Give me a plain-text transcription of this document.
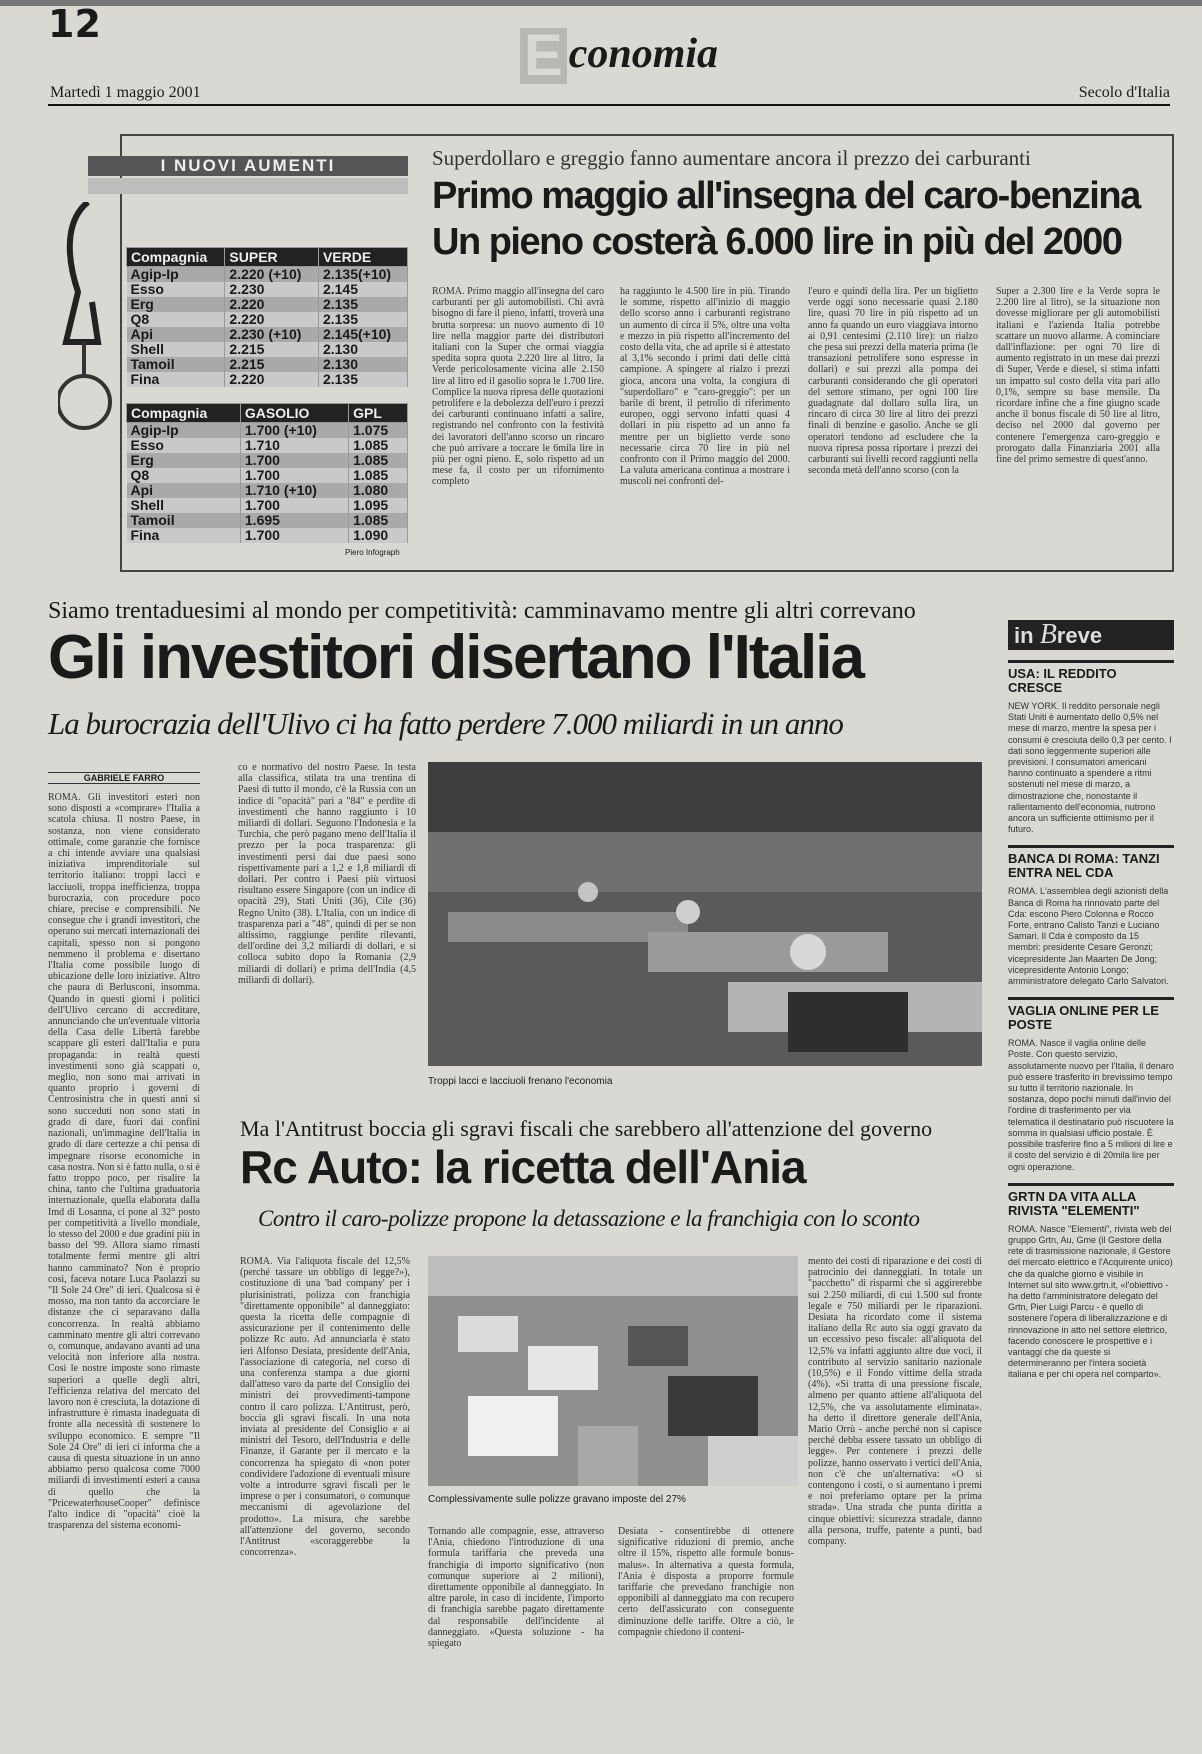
12	E conomia
Martedì 1 maggio 2001	Secolo d'Italia
I NUOVI AUMENTI
Compagnia	SUPER	VERDE
Agip-Ip	2.220 (+10)	2.135(+10)
Esso	2.230	2.145
Erg	2.220	2.135
Q8	2.220	2.135
Api	2.230 (+10)	2.145(+10)
Shell	2.215	2.130
Tamoil	2.215	2.130
Fina	2.220	2.135
Compagnia	GASOLIO	GPL
Agip-Ip	1.700 (+10)	1.075
Esso	1.710	1.085
Erg	1.700	1.085
Q8	1.700	1.085
Api	1.710 (+10)	1.080
Shell	1.700	1.095
Tamoil	1.695	1.085
Fina	1.700	1.090
Piero Infograph
Superdollaro e greggio fanno aumentare ancora il prezzo dei carburanti
Primo maggio all'insegna del caro-benzina
Un pieno costerà 6.000 lire in più del 2000
ROMA. Primo maggio all'insegna del caro carburanti per gli automobilisti. Chi avrà bisogno di fare il pieno, infatti, troverà una brutta sorpresa: un nuovo aumento di 10 lire nella maggior parte dei distributori italiani con la Super che ormai viaggia spedita sopra quota 2.220 lire al litro, la Verde pericolosamente vicina alle 2.150 lire al litro ed il gasolio sopra le 1.700 lire. Complice la nuova ripresa delle quotazioni petrolifere e la debolezza dell'euro i prezzi dei carburanti continuano infatti a salire, registrando nel confronto con la festività dei lavoratori dell'anno scorso un rincaro che può arrivare a toccare le 6mila lire in più per ogni pieno. E, solo rispetto ad un mese fa, il costo per un rifornimento completo
ha raggiunto le 4.500 lire in più. Tirando le somme, rispetto all'inizio di maggio dello scorso anno i carburanti registrano un aumento di circa il 5%, oltre una volta e mezzo in più rispetto all'incremento del costo della vita, che ad aprile si è attestato al 3,1% secondo i primi dati delle città campione. A spingere al rialzo i prezzi gioca, ancora una volta, la congiura di "superdollaro" e "caro-greggio": per un barile di brent, il petrolio di riferimento europeo, oggi servono infatti quasi 4 dollari in più rispetto ad un anno fa mentre per un biglietto verde sono necessarie circa 70 lire in più nel confronto con il Primo maggio del 2000. La valuta americana continua a mostrare i muscoli nei confronti del-
l'euro e quindi della lira. Per un biglietto verde oggi sono necessarie quasi 2.180 lire, quasi 70 lire in più rispetto ad un anno fa quando un euro viaggiava intorno ai 0,91 centesimi (2.110 lire): un rialzo che pesa sui prezzi della materia prima (le transazioni petrolifere sono espresse in dollari) e sui prezzi alla pompa dei carburanti considerando che gli operatori del settore stimano, per ogni 100 lire guadagnate dal dollaro sulla lira, un rincaro di circa 30 lire al litro dei prezzi finali di benzine e gasolio. Anche se gli operatori tendono ad escludere che la nuova ripresa possa riportare i prezzi dei carburanti sui livelli record raggiunti nella seconda metà dell'anno scorso (con la
Super a 2.300 lire e la Verde sopra le 2.200 lire al litro), se la situazione non dovesse migliorare per gli automobilisti italiani e l'azienda Italia potrebbe scattare un nuovo allarme. A cominciare dall'inflazione: per ogni 70 lire di aumento registrato in un mese dai prezzi di Super, Verde e diesel, si stima infatti un impatto sul costo della vita pari allo 0,1%, sempre su base mensile. Da ricordare infine che a fine giugno scade anche il bonus fiscale di 50 lire al litro, deciso nel 2000 dal governo per contenere l'emergenza caro-greggio e prorogato dalla Finanziaria 2001 alla fine del primo semestre di quest'anno.
Siamo trentaduesimi al mondo per competitività: camminavamo mentre gli altri correvano
Gli investitori disertano l'Italia
La burocrazia dell'Ulivo ci ha fatto perdere 7.000 miliardi in un anno
GABRIELE FARRO
ROMA. Gli investitori esteri non sono disposti a «comprare» l'Italia a scatola chiusa. Il nostro Paese, in sostanza, non viene considerato ottimale, come garanzie che fornisce a chi intende avviare una qualsiasi iniziativa imprenditoriale sul territorio italiano: troppi lacci e lacciuoli, troppa inefficienza, troppa burocrazia, con procedure poco chiare, precise e comprensibili. Ne consegue che i grandi investitori, che operano sui mercati internazionali dei capitali, spesso non si pongono nemmeno il problema e disertano l'Italia come possibile luogo di ubicazione delle loro iniziative. Altro che paura di Berlusconi, insomma. Quando in questi giorni i politici dell'Ulivo cercano di accreditare, annunciando che un'eventuale vittoria della Casa delle Libertà farebbe scappare gli esteri dall'Italia e pura propaganda: in realtà questi investimenti sono già scappati o, meglio, non sono mai arrivati in quanto proprio i governi di Centrosinistra che in questi anni si sono succeduti non sono stati in grado di dare, fuori dai confini nazionali, un'immagine dell'Italia in grado di dare certezze a chi pensa di impegnare risorse economiche in casa nostra. Non si è fatto nulla, o si è fatto troppo poco, per risalire la china, tanto che l'ultima graduatoria internazionale, quella elaborata dalla Imd di Losanna, ci pone al 32° posto per competitività a livello mondiale, lo stesso del 2000 e due gradini più in basso del '99. Allora siamo rimasti totalmente fermi mentre gli altri hanno camminato? Non è proprio così, faceva notare Luca Paolazzi su "Il Sole 24 Ore" di ieri. Qualcosa si è mosso, ma non tanto da accorciare le distanze che ci separavano dalla concorrenza. In realtà abbiamo camminato mentre gli altri correvano o, comunque, andavano avanti ad una velocità non inferiore alla nostra. Così le nostre imposte sono rimaste superiori a quelle degli altri, l'efficienza relativa del mercato del lavoro non è cresciuta, la dotazione di infrastrutture è rimasta inadeguata di fronte alla necessità di sostenere lo sviluppo economico. E sempre "Il Sole 24 Ore" di ieri ci informa che a causa di questa situazione in un anno abbiamo perso qualcosa come 7000 miliardi di investimenti esteri a causa di quello che la "PricewaterhouseCooper" definisce l'alto indice di "opacità" cioè la trasparenza del sistema economi-
co e normativo del nostro Paese. In testa alla classifica, stilata tra una trentina di Paesi di tutto il mondo, c'è la Russia con un indice di "opacità" pari a "84" e perdite di investimenti che hanno raggiunto i 10 miliardi di dollari. Seguono l'Indonesia e la Turchia, che però pagano meno dell'Italia il prezzo per la poca trasparenza: gli investimenti persi dai due paesi sono rispettivamente pari a 1,2 e 1,8 miliardi di dollari. Per contro i Paesi più virtuosi risultano essere Singapore (con un indice di opacità 29), Stati Uniti (36), Cile (36) Regno Unito (38). L'Italia, con un indice di trasparenza pari a "48", quindi di per se non altissimo, raggiunge perdite rilevanti, dell'ordine dei 3,2 miliardi di dollari, e si colloca subito dopo la Romania (2,9 miliardi di dollari) e prima dell'India (4,5 miliardi di dollari).
Troppi lacci e lacciuoli frenano l'economia
Ma l'Antitrust boccia gli sgravi fiscali che sarebbero all'attenzione del governo
Rc Auto: la ricetta dell'Ania
Contro il caro-polizze propone la detassazione e la franchigia con lo sconto
ROMA. Via l'aliquota fiscale del 12,5% (perché tassare un obbligo di legge?»), costituzione di una 'bad company' per i plurisinistrati, polizza con franchigia "direttamente opponibile" al danneggiato: questa la ricetta delle compagnie di assicurazione per il contenimento delle polizze Rc auto. Ad annunciarla è stato ieri Alfonso Desiata, presidente dell'Ania, l'associazione di categoria, nel corso di una conferenza stampa a due giorni dall'atteso varo da parte del Consiglio dei ministri dei provvedimenti-tampone contro il caro polizza. L'Antitrust, però, boccia gli sgravi fiscali. In una nota inviata al presidente del Consiglio e ai ministri del Tesoro, dell'Industria e delle Finanze, il Garante per il mercato e la concorrenza ha spiegato di «non poter condividere l'adozione di eventuali misure volte a introdurre sgravi fiscali per le imprese o per i consumatori, o comunque meccanismi di agevolazione del prodotto». La misura, che sarebbe all'attenzione del governo, secondo l'Antitrust «scoraggerebbe la concorrenza».
Complessivamente sulle polizze gravano imposte del 27%
Tornando alle compagnie, esse, attraverso l'Ania, chiedono l'introduzione di una formula tariffaria che preveda una franchigia di importo significativo (non comunque superiore ai 2 milioni), direttamente opponibile al danneggiato. In altre parole, in caso di incidente, l'importo di franchigia sarebbe pagato direttamente dal responsabile dell'incidente al danneggiato. «Questa soluzione - ha spiegato
Desiata - consentirebbe di ottenere significative riduzioni di premio, anche oltre il 15%, rispetto alle formule bonus-malus». In alternativa a questa formula, l'Ania è disposta a proporre formule tariffarie che prevedano franchigie non opponibili al danneggiato ma con recupero certo dell'assicurato con conseguente diminuzione delle tariffe. Oltre a ciò, le compagnie chiedono il conteni-
mento dei costi di riparazione e dei costi di patrocinio dei danneggiati. In totale un "pacchetto" di risparmi che si aggirerebbe sui 2.250 miliardi, di cui 1.500 sul fronte legale e 750 miliardi per le riparazioni. Desiata ha ricordato come il sistema italiano della Rc auto sia oggi gravato da un eccessivo peso fiscale: all'aliquota del 12,5% va infatti aggiunto altre due voci, il contributo al servizio sanitario nazionale (10,5%) e il Fondo vittime della strada (4%). «Si tratta di una pressione fiscale, almeno per quanto attiene all'aliquota del 12,5%, che va assolutamente eliminata». ha detto il direttore generale dell'Ania, Mario Orrù - anche perché non si capisce perché debba essere tassato un obbligo di legge». Per contenere i prezzi delle polizze, hanno osservato i vertici dell'Ania, non c'è che un'alternativa: «O si contengono i costi, o si aumentano i premi e noi preferiamo optare per la prima strada». Una strada che punta diritta a cinque obiettivi: sicurezza stradale, danno alla persona, truffe, patente a punti, bad company.
in Breve
USA: IL REDDITO CRESCE
NEW YORK. Il reddito personale negli Stati Uniti è aumentato dello 0,5% nel mese di marzo, mentre la spesa per i consumi è cresciuta dello 0,3 per cento. I dati sono leggermente superiori alle previsioni. I consumatori americani hanno continuato a spendere a ritmi sostenuti nel mese di marzo, a dimostrazione che, nonostante il rallentamento dell'economia, nutrono ancora un sufficiente ottimismo per il futuro.
BANCA DI ROMA: TANZI ENTRA NEL CDA
ROMA. L'assemblea degli azionisti della Banca di Roma ha rinnovato parte del Cda: escono Piero Colonna e Rocco Forte, entrano Calisto Tanzi e Luciano Samari. Il Cda è composto da 15 membri: presidente Cesare Geronzi; vicepresidente Jan Maarten De Jong; vicepresidente Antonio Longo; amministratore delegato Carlo Salvatori.
VAGLIA ONLINE PER LE POSTE
ROMA. Nasce il vaglia online delle Poste. Con questo servizio, assolutamente nuovo per l'Italia, il denaro può essere trasferito in brevissimo tempo su tutto il territorio nazionale. In sostanza, dopo pochi minuti dall'invio del l'ordine di trasferimento per via telematica il destinatario può riscuotere la somma in qualsiasi ufficio postale. È possibile trasferire fino a 5 milioni di lire e il costo del servizio è di 20mila lire per ogni operazione.
GRTN DA VITA ALLA RIVISTA "ELEMENTI"
ROMA. Nasce "Elementi", rivista web del gruppo Grtn, Au, Gme (il Gestore della rete di trasmissione nazionale, il Gestore del mercato elettrico e l'Acquirente unico) che da qualche giorno è visibile in Internet sul sito www.grtn.it, «l'obiettivo - ha detto l'amministratore delegato del Grtn, Pier Luigi Parcu - è quello di sostenere l'opera di liberalizzazione e di rinnovazione in atto nel settore elettrico, facendo conoscere le prospettive e i vantaggi che da queste si determineranno per l'intera società italiana e per chi opera nel comparto».
